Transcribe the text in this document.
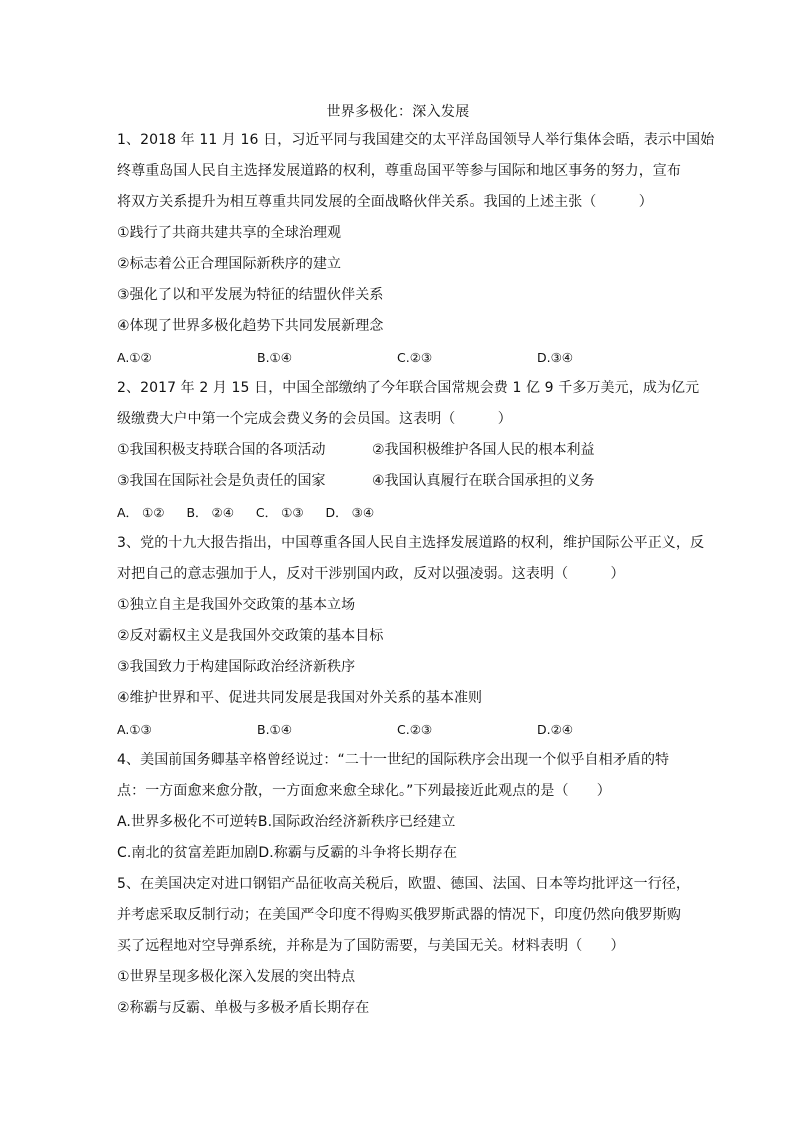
世界多极化：深入发展
1、2018 年 11 月 16 日，习近平同与我国建交的太平洋岛国领导人举行集体会晤，表示中国始
终尊重岛国人民自主选择发展道路的权利，尊重岛国平等参与国际和地区事务的努力，宣布
将双方关系提升为相互尊重共同发展的全面战略伙伴关系。我国的上述主张（　　　）
①践行了共商共建共享的全球治理观
②标志着公正合理国际新秩序的建立
③强化了以和平发展为特征的结盟伙伴关系
④体现了世界多极化趋势下共同发展新理念
A.①②	B.①④	C.②③	D.③④
2、2017 年 2 月 15 日，中国全部缴纳了今年联合国常规会费 1 亿 9 千多万美元，成为亿元
级缴费大户中第一个完成会费义务的会员国。这表明（　　　）
①我国积极支持联合国的各项活动	②我国积极维护各国人民的根本利益
③我国在国际社会是负责任的国家	④我国认真履行在联合国承担的义务
A． ①② B． ②④ C． ①③ D． ③④
3、党的十九大报告指出，中国尊重各国人民自主选择发展道路的权利，维护国际公平正义，反
对把自己的意志强加于人，反对干涉别国内政，反对以强凌弱。这表明（　　　）
①独立自主是我国外交政策的基本立场
②反对霸权主义是我国外交政策的基本目标
③我国致力于构建国际政治经济新秩序
④维护世界和平、促进共同发展是我国对外关系的基本准则
A.①③	B.①④	C.②③	D.②④
4、美国前国务卿基辛格曾经说过：“二十一世纪的国际秩序会出现一个似乎自相矛盾的特
点：一方面愈来愈分散，一方面愈来愈全球化。”下列最接近此观点的是（　　）
A.世界多极化不可逆转B.国际政治经济新秩序已经建立
C.南北的贫富差距加剧D.称霸与反霸的斗争将长期存在
5、在美国决定对进口钢铝产品征收高关税后，欧盟、德国、法国、日本等均批评这一行径，
并考虑采取反制行动；在美国严令印度不得购买俄罗斯武器的情况下，印度仍然向俄罗斯购
买了远程地对空导弹系统，并称是为了国防需要，与美国无关。材料表明（　　）
①世界呈现多极化深入发展的突出特点
②称霸与反霸、单极与多极矛盾长期存在
